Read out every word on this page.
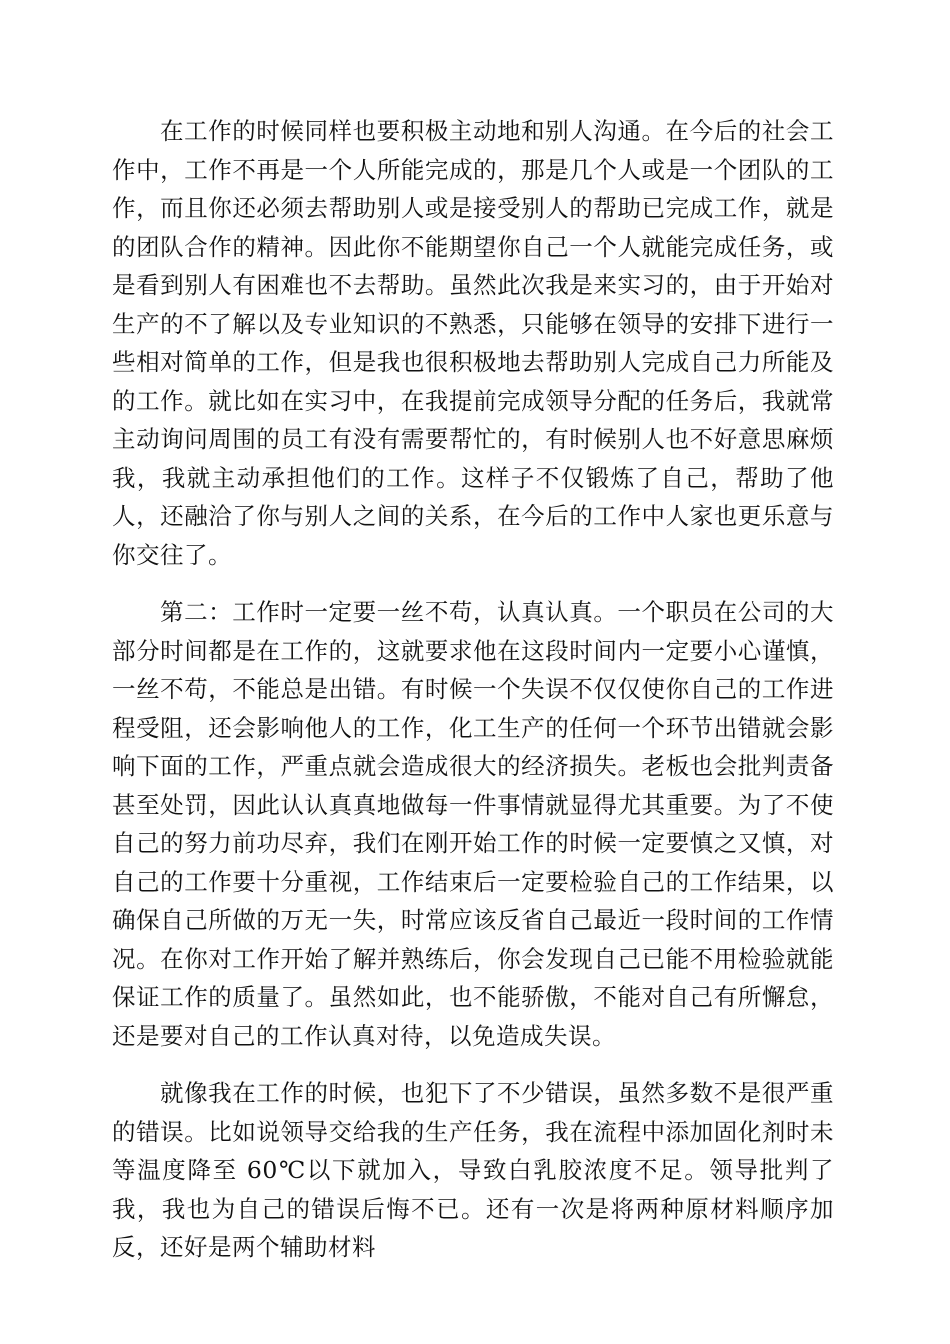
在工作的时候同样也要积极主动地和别人沟通。在今后的社会工作中，工作不再是一个人所能完成的，那是几个人或是一个团队的工作，而且你还必须去帮助别人或是接受别人的帮助已完成工作，就是的团队合作的精神。因此你不能期望你自己一个人就能完成任务，或是看到别人有困难也不去帮助。虽然此次我是来实习的，由于开始对生产的不了解以及专业知识的不熟悉，只能够在领导的安排下进行一些相对简单的工作，但是我也很积极地去帮助别人完成自己力所能及的工作。就比如在实习中，在我提前完成领导分配的任务后，我就常主动询问周围的员工有没有需要帮忙的，有时候别人也不好意思麻烦我，我就主动承担他们的工作。这样子不仅锻炼了自己，帮助了他人，还融洽了你与别人之间的关系，在今后的工作中人家也更乐意与你交往了。

第二：工作时一定要一丝不苟，认真认真。一个职员在公司的大部分时间都是在工作的，这就要求他在这段时间内一定要小心谨慎，一丝不苟，不能总是出错。有时候一个失误不仅仅使你自己的工作进程受阻，还会影响他人的工作，化工生产的任何一个环节出错就会影响下面的工作，严重点就会造成很大的经济损失。老板也会批判责备甚至处罚，因此认认真真地做每一件事情就显得尤其重要。为了不使自己的努力前功尽弃，我们在刚开始工作的时候一定要慎之又慎，对自己的工作要十分重视，工作结束后一定要检验自己的工作结果，以确保自己所做的万无一失，时常应该反省自己最近一段时间的工作情况。在你对工作开始了解并熟练后，你会发现自己已能不用检验就能保证工作的质量了。虽然如此，也不能骄傲，不能对自己有所懈怠，还是要对自己的工作认真对待，以免造成失误。

就像我在工作的时候，也犯下了不少错误，虽然多数不是很严重的错误。比如说领导交给我的生产任务，我在流程中添加固化剂时未等温度降至 60℃以下就加入，导致白乳胶浓度不足。领导批判了我，我也为自己的错误后悔不已。还有一次是将两种原材料顺序加反，还好是两个辅助材料
